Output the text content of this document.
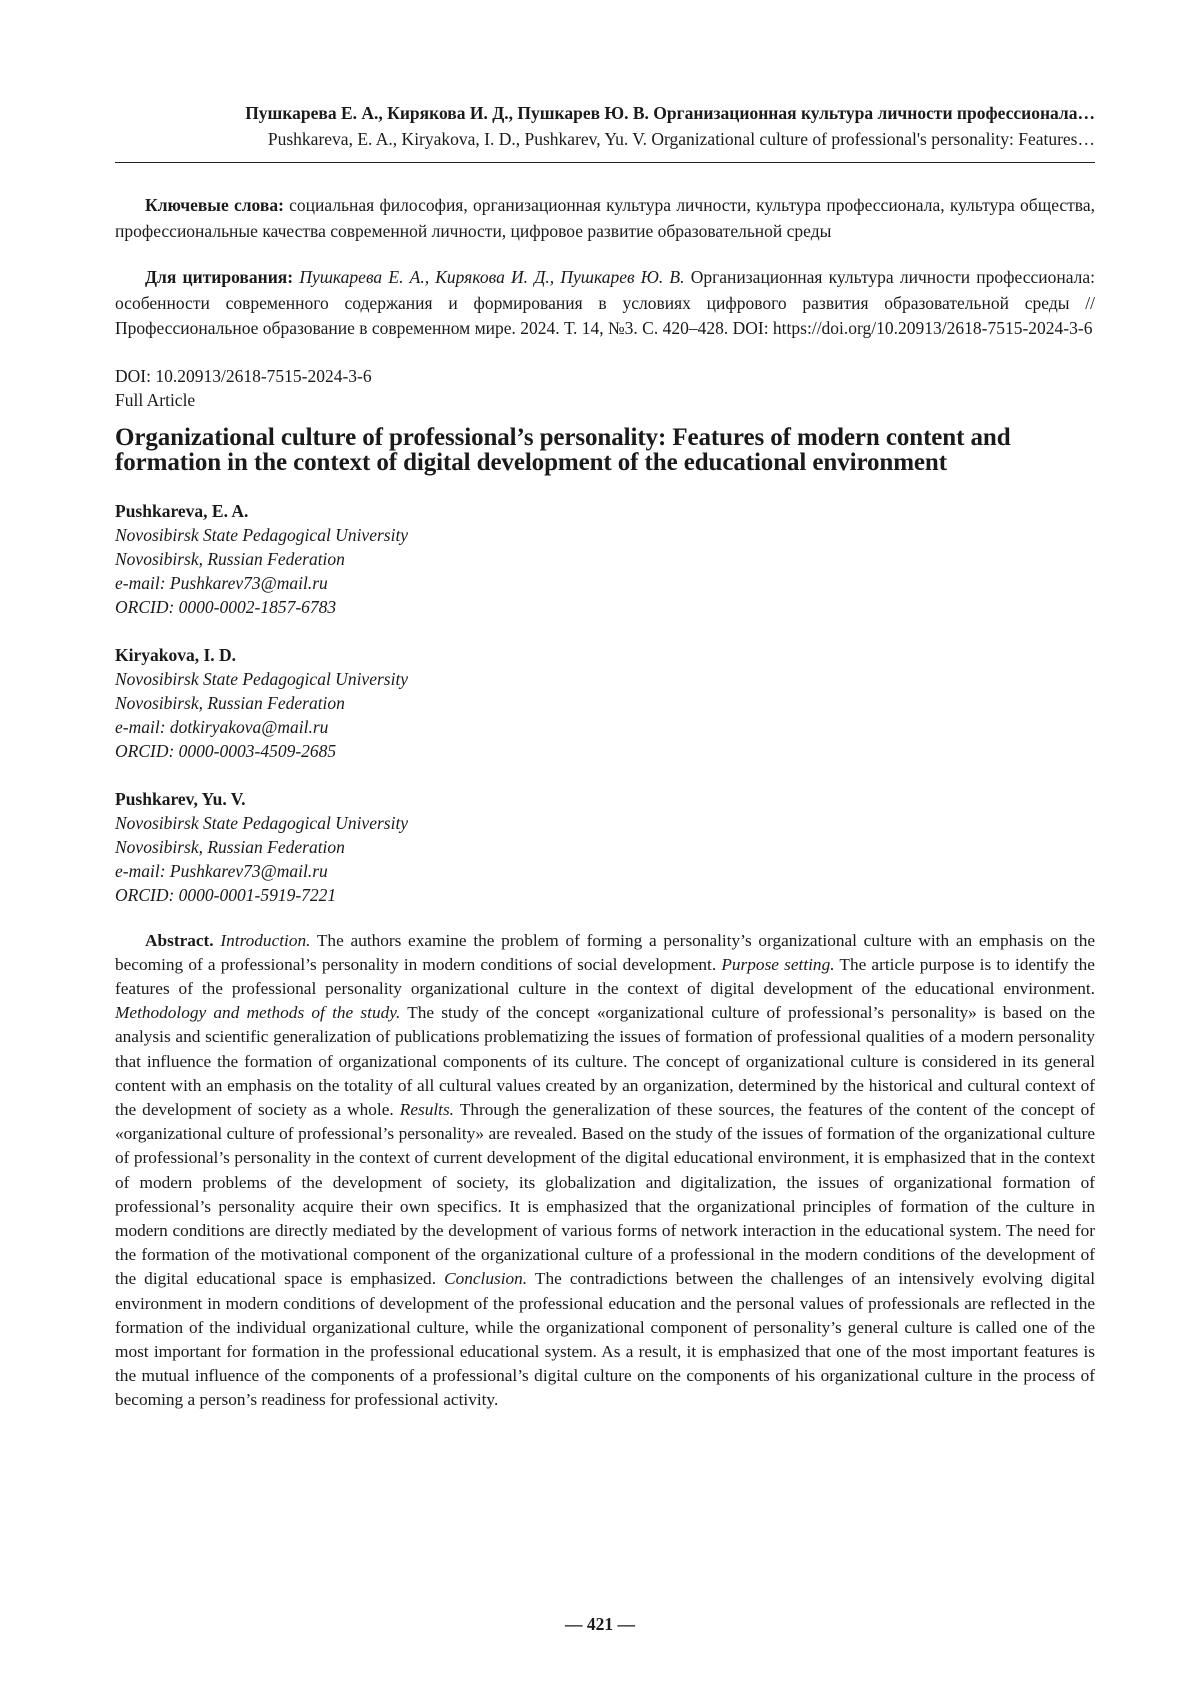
Пушкарева Е. А., Кирякова И. Д., Пушкарев Ю. В. Организационная культура личности профессионала…
Pushkareva, E. A., Kiryakova, I. D., Pushkarev, Yu. V. Organizational culture of professional's personality: Features…

Ключевые слова: социальная философия, организационная культура личности, культура профессионала, культура общества, профессиональные качества современной личности, цифровое развитие образовательной среды

Для цитирования: Пушкарева Е. А., Кирякова И. Д., Пушкарев Ю. В. Организационная культура личности профессионала: особенности современного содержания и формирования в условиях цифрового развития образовательной среды // Профессиональное образование в современном мире. 2024. Т. 14, №3. С. 420–428. DOI: https://doi.org/10.20913/2618-7515-2024-3-6

DOI: 10.20913/2618-7515-2024-3-6
Full Article
Organizational culture of professional’s personality: Features of modern content and formation in the context of digital development of the educational environment
Pushkareva, E. A.
Novosibirsk State Pedagogical University
Novosibirsk, Russian Federation
e-mail: Pushkarev73@mail.ru
ORCID: 0000-0002-1857-6783
Kiryakova, I. D.
Novosibirsk State Pedagogical University
Novosibirsk, Russian Federation
e-mail: dotkiryakova@mail.ru
ORCID: 0000-0003-4509-2685
Pushkarev, Yu. V.
Novosibirsk State Pedagogical University
Novosibirsk, Russian Federation
e-mail: Pushkarev73@mail.ru
ORCID: 0000-0001-5919-7221

Abstract. Introduction. The authors examine the problem of forming a personality’s organizational culture with an emphasis on the becoming of a professional’s personality in modern conditions of social development. Purpose setting. The article purpose is to identify the features of the professional personality organizational culture in the context of digital development of the educational environment. Methodology and methods of the study. The study of the concept «organizational culture of professional’s personality» is based on the analysis and scientific generalization of publications problematizing the issues of formation of professional qualities of a modern personality that influence the formation of organizational components of its culture. The concept of organizational culture is considered in its general content with an emphasis on the totality of all cultural values created by an organization, determined by the historical and cultural context of the development of society as a whole. Results. Through the generalization of these sources, the features of the content of the concept of «organizational culture of professional’s personality» are revealed. Based on the study of the issues of formation of the organizational culture of professional’s personality in the context of current development of the digital educational environment, it is emphasized that in the context of modern problems of the development of society, its globalization and digitalization, the issues of organizational formation of professional’s personality acquire their own specifics. It is emphasized that the organizational principles of formation of the culture in modern conditions are directly mediated by the development of various forms of network interaction in the educational system. The need for the formation of the motivational component of the organizational culture of a professional in the modern conditions of the development of the digital educational space is emphasized. Conclusion. The contradictions between the challenges of an intensively evolving digital environment in modern conditions of development of the professional education and the personal values of professionals are reflected in the formation of the individual organizational culture, while the organizational component of personality’s general culture is called one of the most important for formation in the professional educational system. As a result, it is emphasized that one of the most important features is the mutual influence of the components of a professional’s digital culture on the components of his organizational culture in the process of becoming a person’s readiness for professional activity.

— 421 —
